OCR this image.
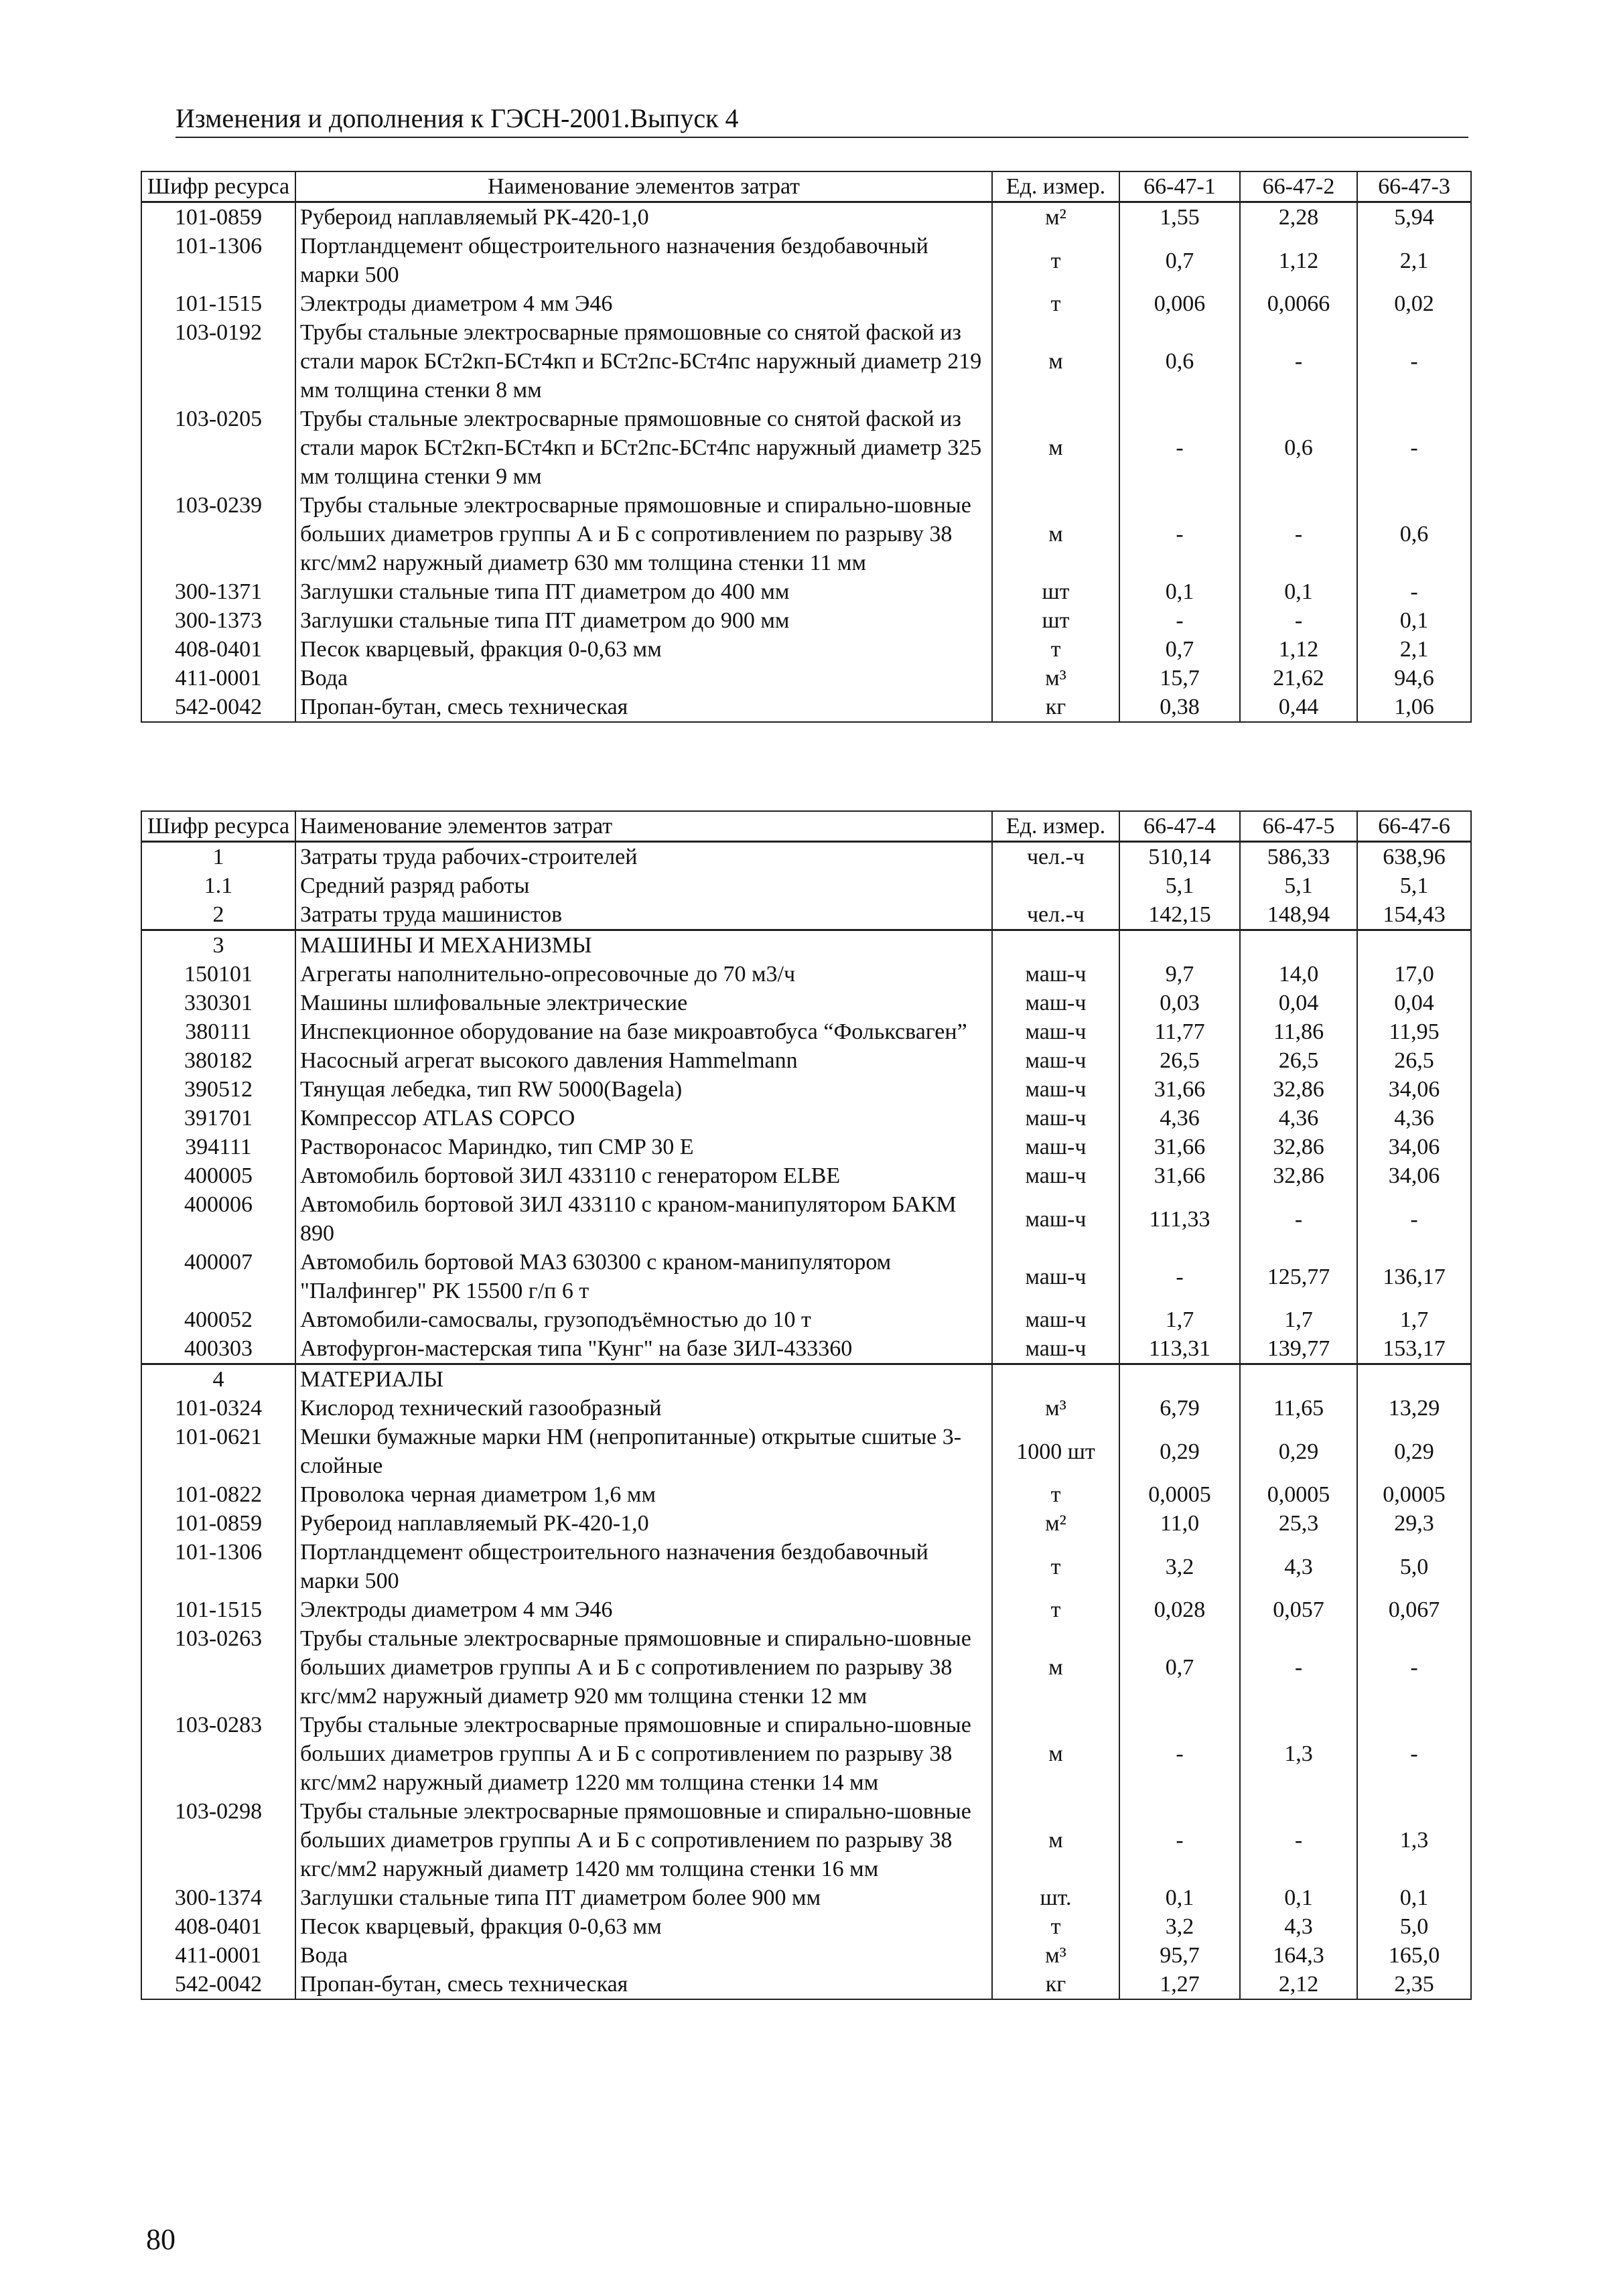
Изменения и дополнения к ГЭСН-2001.Выпуск 4
Шифр ресурса	Наименование элементов затрат	Ед. измер.	66-47-1	66-47-2	66-47-3
101-0859	Рубероид наплавляемый РК-420-1,0	м²	1,55	2,28	5,94
101-1306	Портландцемент общестроительного назначения бездобавочный марки 500	т	0,7	1,12	2,1
101-1515	Электроды диаметром 4 мм Э46	т	0,006	0,0066	0,02
103-0192	Трубы стальные электросварные прямошовные со снятой фаской из стали марок БСт2кп-БСт4кп и БСт2пс-БСт4пс наружный диаметр 219 мм толщина стенки 8 мм	м	0,6	-	-
103-0205	Трубы стальные электросварные прямошовные со снятой фаской из стали марок БСт2кп-БСт4кп и БСт2пс-БСт4пс наружный диаметр 325 мм толщина стенки 9 мм	м	-	0,6	-
103-0239	Трубы стальные электросварные прямошовные и спирально-шовные больших диаметров группы А и Б с сопротивлением по разрыву 38 кгс/мм2 наружный диаметр 630 мм толщина стенки 11 мм	м	-	-	0,6
300-1371	Заглушки стальные типа ПТ диаметром до 400 мм	шт	0,1	0,1	-
300-1373	Заглушки стальные типа ПТ диаметром до 900 мм	шт	-	-	0,1
408-0401	Песок кварцевый, фракция 0-0,63 мм	т	0,7	1,12	2,1
411-0001	Вода	м³	15,7	21,62	94,6
542-0042	Пропан-бутан, смесь техническая	кг	0,38	0,44	1,06
Шифр ресурса	Наименование элементов затрат	Ед. измер.	66-47-4	66-47-5	66-47-6
1	Затраты труда рабочих-строителей	чел.-ч	510,14	586,33	638,96
1.1	Средний разряд работы		5,1	5,1	5,1
2	Затраты труда машинистов	чел.-ч	142,15	148,94	154,43
3	МАШИНЫ И МЕХАНИЗМЫ				
150101	Агрегаты наполнительно-опресовочные до 70 м3/ч	маш-ч	9,7	14,0	17,0
330301	Машины шлифовальные электрические	маш-ч	0,03	0,04	0,04
380111	Инспекционное оборудование на базе микроавтобуса “Фольксваген”	маш-ч	11,77	11,86	11,95
380182	Насосный агрегат высокого давления Hammelmann	маш-ч	26,5	26,5	26,5
390512	Тянущая лебедка, тип RW 5000(Bagela)	маш-ч	31,66	32,86	34,06
391701	Компрессор ATLAS COPCO	маш-ч	4,36	4,36	4,36
394111	Растворонасос Мариндко, тип CMP 30 E	маш-ч	31,66	32,86	34,06
400005	Автомобиль бортовой ЗИЛ 433110 с генератором ELBE	маш-ч	31,66	32,86	34,06
400006	Автомобиль бортовой ЗИЛ 433110 с краном-манипулятором БАКМ 890	маш-ч	111,33	-	-
400007	Автомобиль бортовой МАЗ 630300 с краном-манипулятором "Палфингер" РК 15500 г/п 6 т	маш-ч	-	125,77	136,17
400052	Автомобили-самосвалы, грузоподъёмностью до 10 т	маш-ч	1,7	1,7	1,7
400303	Автофургон-мастерская типа "Кунг" на базе ЗИЛ-433360	маш-ч	113,31	139,77	153,17
4	МАТЕРИАЛЫ				
101-0324	Кислород технический газообразный	м³	6,79	11,65	13,29
101-0621	Мешки бумажные марки НМ (непропитанные) открытые сшитые 3-слойные	1000 шт	0,29	0,29	0,29
101-0822	Проволока черная диаметром 1,6 мм	т	0,0005	0,0005	0,0005
101-0859	Рубероид наплавляемый РК-420-1,0	м²	11,0	25,3	29,3
101-1306	Портландцемент общестроительного назначения бездобавочный марки 500	т	3,2	4,3	5,0
101-1515	Электроды диаметром 4 мм Э46	т	0,028	0,057	0,067
103-0263	Трубы стальные электросварные прямошовные и спирально-шовные больших диаметров группы А и Б с сопротивлением по разрыву 38 кгс/мм2 наружный диаметр 920 мм толщина стенки 12 мм	м	0,7	-	-
103-0283	Трубы стальные электросварные прямошовные и спирально-шовные больших диаметров группы А и Б с сопротивлением по разрыву 38 кгс/мм2 наружный диаметр 1220 мм толщина стенки 14 мм	м	-	1,3	-
103-0298	Трубы стальные электросварные прямошовные и спирально-шовные больших диаметров группы А и Б с сопротивлением по разрыву 38 кгс/мм2 наружный диаметр 1420 мм толщина стенки 16 мм	м	-	-	1,3
300-1374	Заглушки стальные типа ПТ диаметром более 900 мм	шт.	0,1	0,1	0,1
408-0401	Песок кварцевый, фракция 0-0,63 мм	т	3,2	4,3	5,0
411-0001	Вода	м³	95,7	164,3	165,0
542-0042	Пропан-бутан, смесь техническая	кг	1,27	2,12	2,35
80
